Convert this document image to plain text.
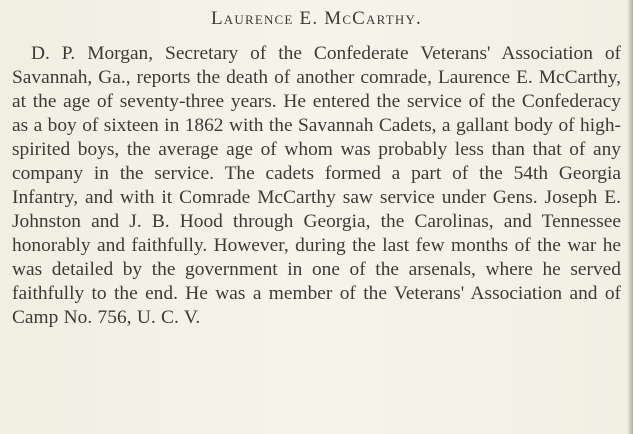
Laurence E. McCarthy.

D. P. Morgan, Secretary of the Confederate Veterans' Association of Savannah, Ga., reports the death of another comrade, Laurence E. McCarthy, at the age of seventy-three years. He entered the service of the Confederacy as a boy of sixteen in 1862 with the Savannah Cadets, a gallant body of high-spirited boys, the average age of whom was probably less than that of any company in the service. The cadets formed a part of the 54th Georgia Infantry, and with it Comrade McCarthy saw service under Gens. Joseph E. Johnston and J. B. Hood through Georgia, the Carolinas, and Tennessee honorably and faithfully. However, during the last few months of the war he was detailed by the government in one of the arsenals, where he served faithfully to the end. He was a member of the Veterans' Association and of Camp No. 756, U. C. V.
